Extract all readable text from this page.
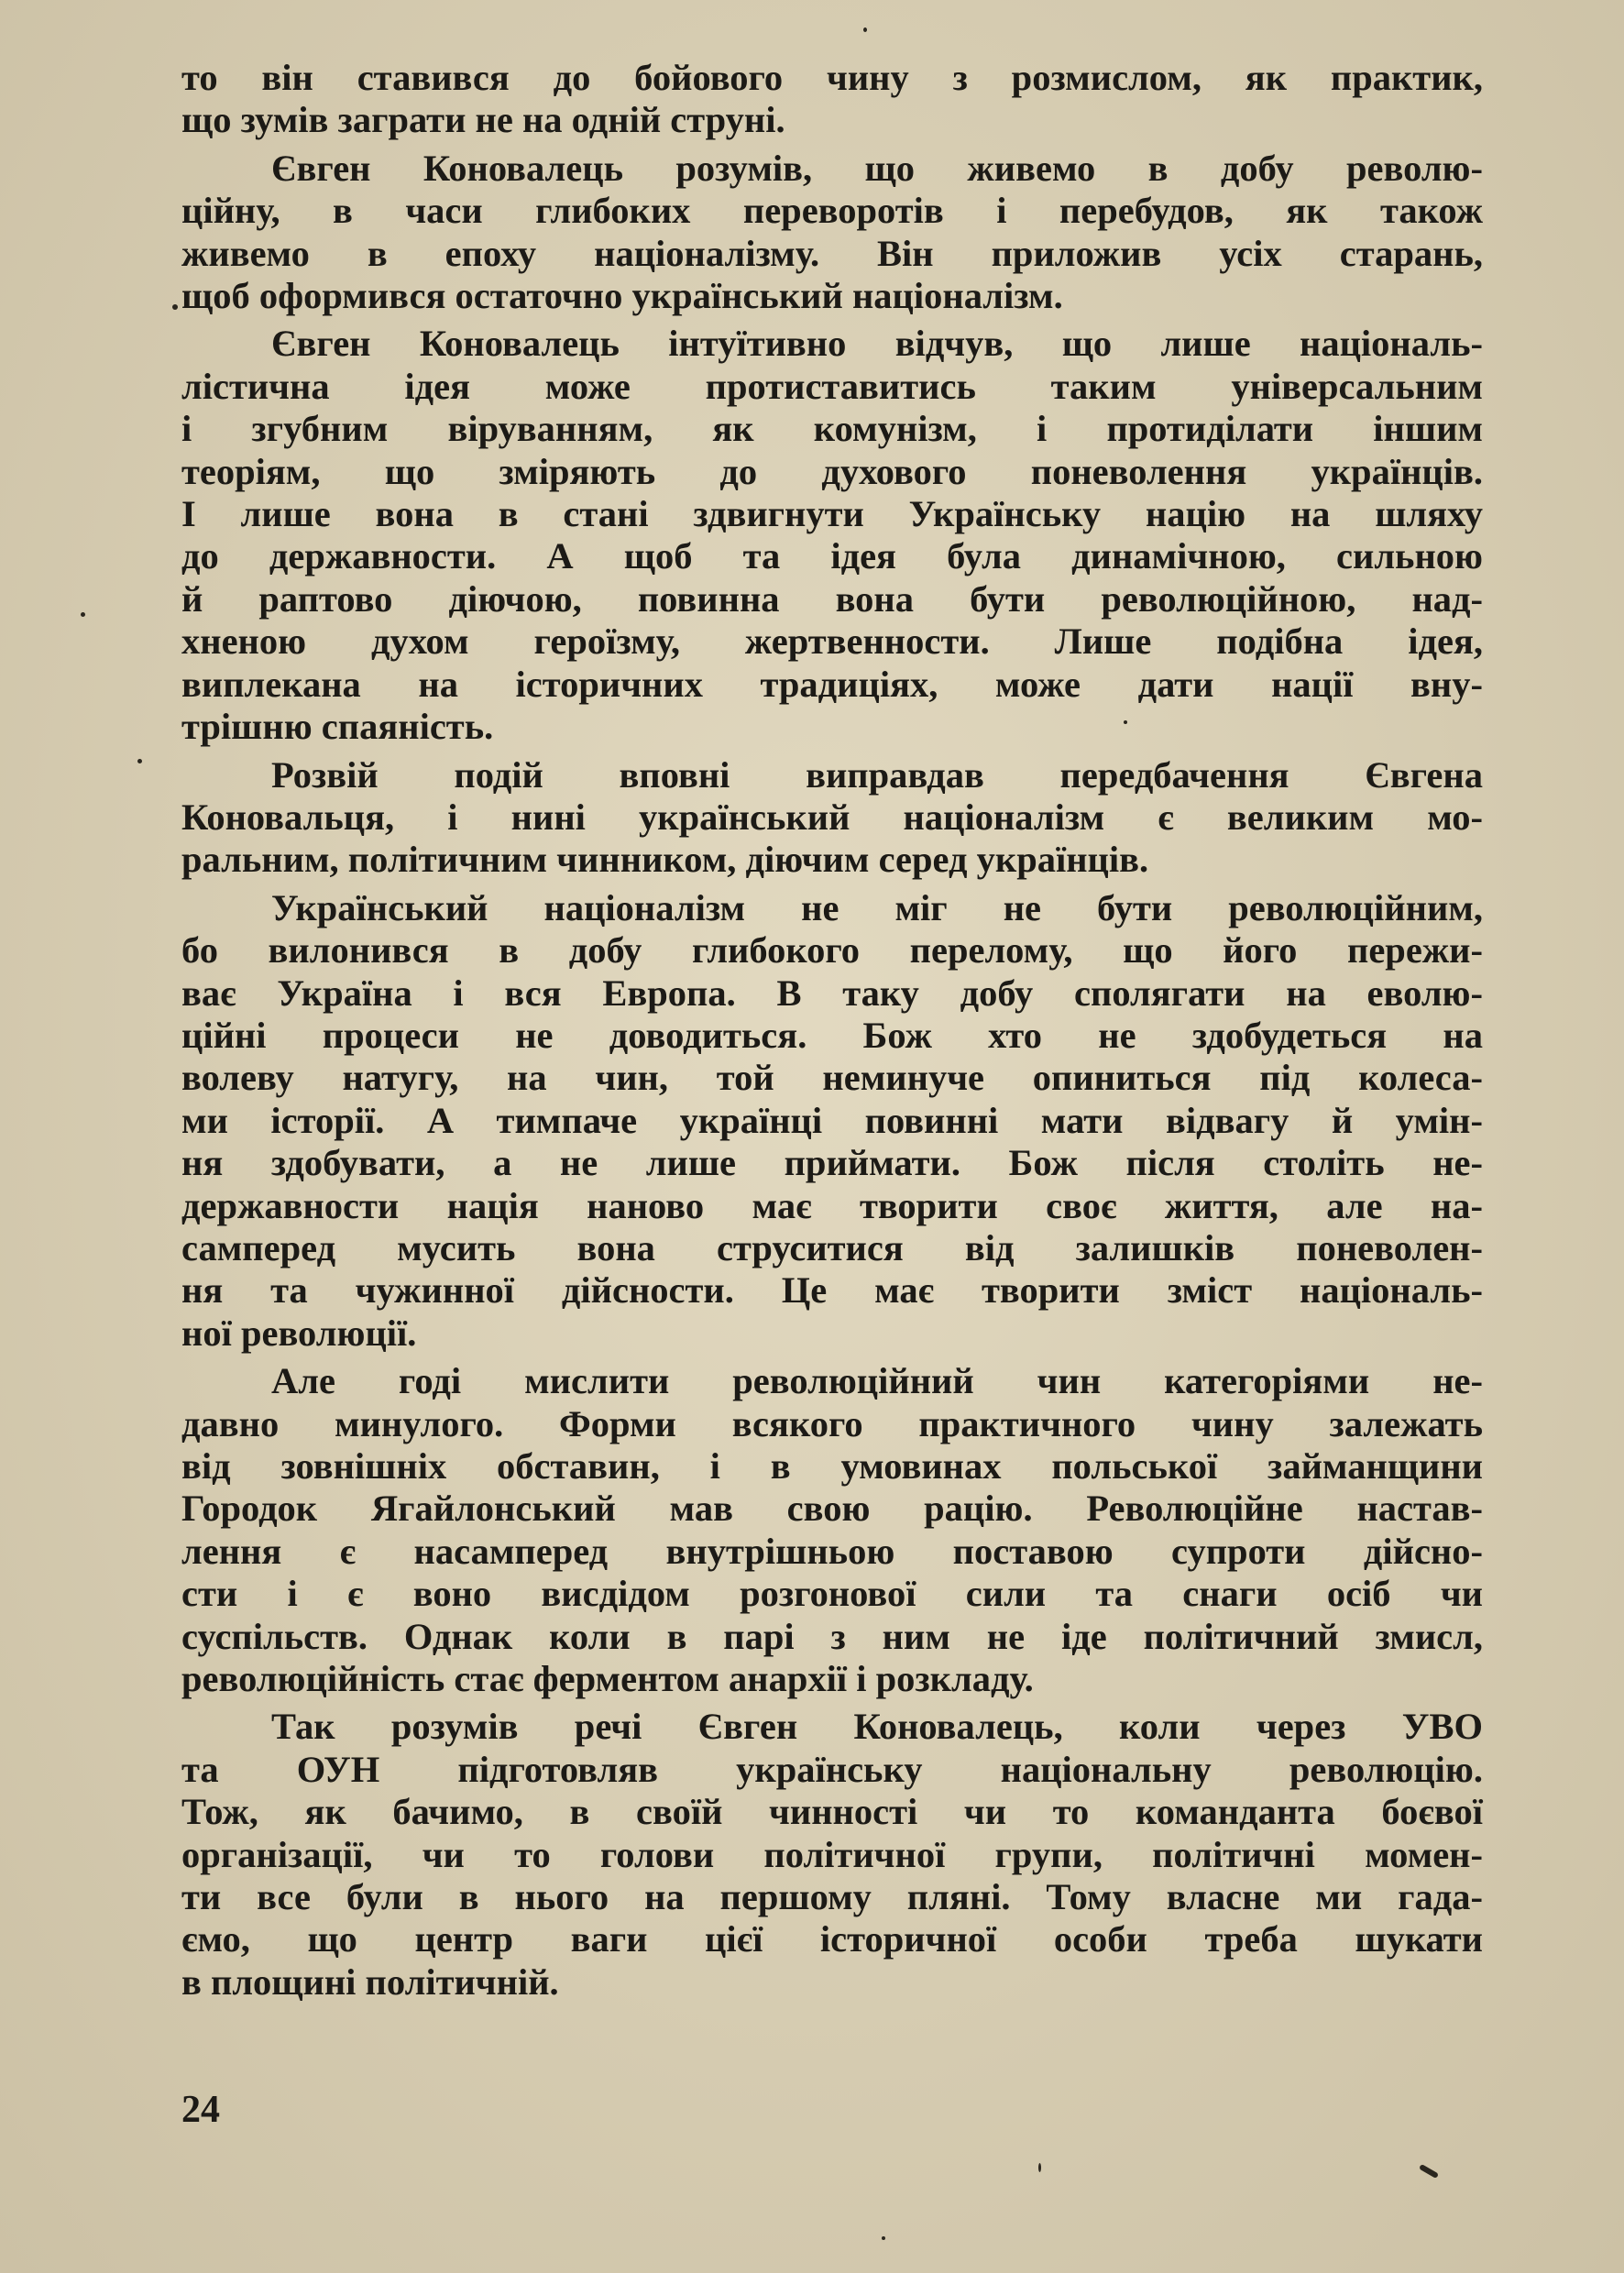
то він ставився до бойового чину з розмислом, як практик,
що зумів заграти не на одній струні.
Євген Коновалець розумів, що живемо в добу револю-
ційну, в часи глибоких переворотів і перебудов, як також
живемо в епоху націоналізму. Він приложив усіх старань,
щоб оформився остаточно український націоналізм.
Євген Коновалець інтуїтивно відчув, що лише національ-
лістична ідея може протиставитись таким універсальним
і згубним віруванням, як комунізм, і протиділати іншим
теоріям, що зміряють до духового поневолення українців.
І лише вона в стані здвигнути Українську націю на шляху
до державности. А щоб та ідея була динамічною, сильною
й раптово діючою, повинна вона бути революційною, над-
хненою духом героїзму, жертвенности. Лише подібна ідея,
виплекана на історичних традиціях, може дати нації вну-
трішню спаяність.
Розвій подій вповні виправдав передбачення Євгена
Коновальця, і нині український націоналізм є великим мо-
ральним, політичним чинником, діючим серед українців.
Український націоналізм не міг не бути революційним,
бо вилонився в добу глибокого перелому, що його пережи-
ває Україна і вся Европа. В таку добу сполягати на еволю-
ційні процеси не доводиться. Бож хто не здобудеться на
волеву натугу, на чин, той неминуче опиниться під колеса-
ми історії. А тимпаче українці повинні мати відвагу й умін-
ня здобувати, а не лише приймати. Бож після століть не-
державности нація наново має творити своє життя, але на-
самперед мусить вона струситися від залишків поневолен-
ня та чужинної дійсности. Це має творити зміст національ-
ної революції.
Але годі мислити революційний чин категоріями не-
давно минулого. Форми всякого практичного чину залежать
від зовнішніх обставин, і в умовинах польської займанщини
Городок Ягайлонський мав свою рацію. Революційне настав-
лення є насамперед внутрішньою поставою супроти дійсно-
сти і є воно висдідом розгонової сили та снаги осіб чи
суспільств. Однак коли в парі з ним не іде політичний змисл,
революційність стає ферментом анархії і розкладу.
Так розумів речі Євген Коновалець, коли через УВО
та ОУН підготовляв українську національну революцію.
Тож, як бачимо, в своїй чинності чи то команданта боєвої
організації, чи то голови політичної групи, політичні момен-
ти все були в нього на першому пляні. Тому власне ми гада-
ємо, що центр ваги цієї історичної особи треба шукати
в площині політичній.
24
